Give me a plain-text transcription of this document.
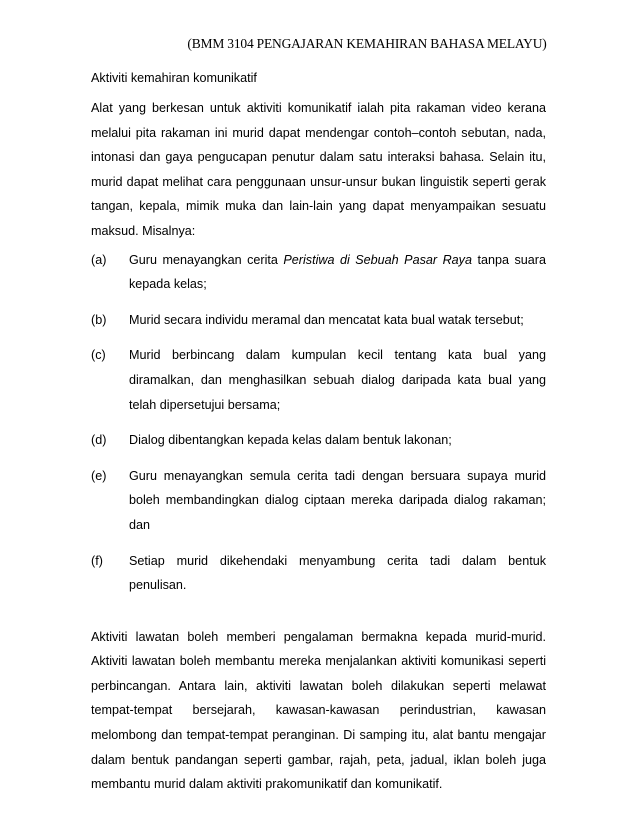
(BMM 3104 PENGAJARAN KEMAHIRAN BAHASA MELAYU)

Aktiviti kemahiran komunikatif

Alat yang berkesan untuk aktiviti komunikatif ialah pita rakaman video kerana melalui pita rakaman ini murid dapat mendengar contoh–contoh sebutan, nada, intonasi dan gaya pengucapan penutur dalam satu interaksi bahasa. Selain itu, murid dapat melihat cara penggunaan unsur-unsur bukan linguistik seperti gerak tangan, kepala, mimik muka dan lain-lain yang dapat menyampaikan sesuatu maksud. Misalnya:

(a)	Guru menayangkan cerita Peristiwa di Sebuah Pasar Raya tanpa suara kepada kelas;
(b)	Murid secara individu meramal dan mencatat kata bual watak tersebut;
(c)	Murid berbincang dalam kumpulan kecil tentang kata bual yang diramalkan, dan menghasilkan sebuah dialog daripada kata bual yang telah dipersetujui bersama;
(d)	Dialog dibentangkan kepada kelas dalam bentuk lakonan;
(e)	Guru menayangkan semula cerita tadi dengan bersuara supaya murid boleh membandingkan dialog ciptaan mereka daripada dialog rakaman; dan
(f)	Setiap murid dikehendaki menyambung cerita tadi dalam bentuk penulisan.

Aktiviti lawatan boleh memberi pengalaman bermakna kepada murid-murid. Aktiviti lawatan boleh membantu mereka menjalankan aktiviti komunikasi seperti perbincangan. Antara lain, aktiviti lawatan boleh dilakukan seperti melawat tempat-tempat bersejarah, kawasan-kawasan perindustrian, kawasan melombong dan tempat-tempat peranginan. Di samping itu, alat bantu mengajar dalam bentuk pandangan seperti gambar, rajah, peta, jadual, iklan boleh juga membantu murid dalam aktiviti prakomunikatif dan komunikatif.
